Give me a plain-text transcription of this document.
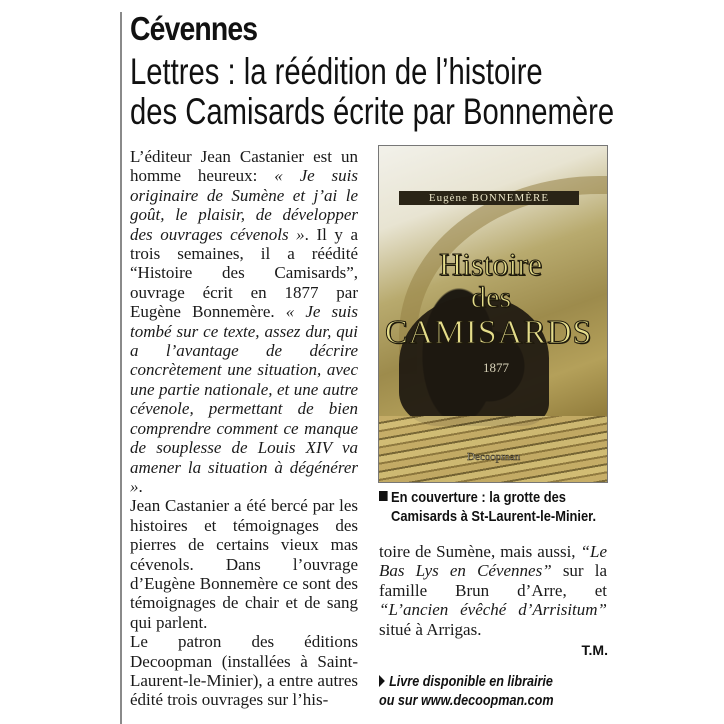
Cévennes
Lettres : la réédition de l’histoire
des Camisards écrite par Bonnemère

L’éditeur Jean Castanier est un homme heureux: « Je suis originaire de Sumène et j’ai le goût, le plaisir, de développer des ouvrages cévenols ». Il y a trois semaines, il a réédité “Histoire des Camisards”, ouvrage écrit en 1877 par Eugène Bonnemère. « Je suis tombé sur ce texte, assez dur, qui a l’avantage de décrire concrètement une situation, avec une partie nationale, et une autre cévenole, permettant de bien comprendre comment ce manque de souplesse de Louis XIV va amener la situation à dégénérer ».

Jean Castanier a été bercé par les histoires et témoignages des pierres de certains vieux mas cévenols. Dans l’ouvrage d’Eugène Bonnemère ce sont des témoignages de chair et de sang qui parlent.

Le patron des éditions Decoopman (installées à Saint-Laurent-le-Minier), a entre autres édité trois ouvrages sur l’his-

Eugène BONNEMÈRE
Histoire
des
CAMISARDS
1877
Decoopman
En couverture : la grotte des Camisards à St-Laurent-le-Minier.

toire de Sumène, mais aussi, “Le Bas Lys en Cévennes” sur la famille Brun d’Arre, et “L’ancien évêché d’Arrisitum” situé à Arrigas.

T.M.
Livre disponible en librairie
ou sur www.decoopman.com
